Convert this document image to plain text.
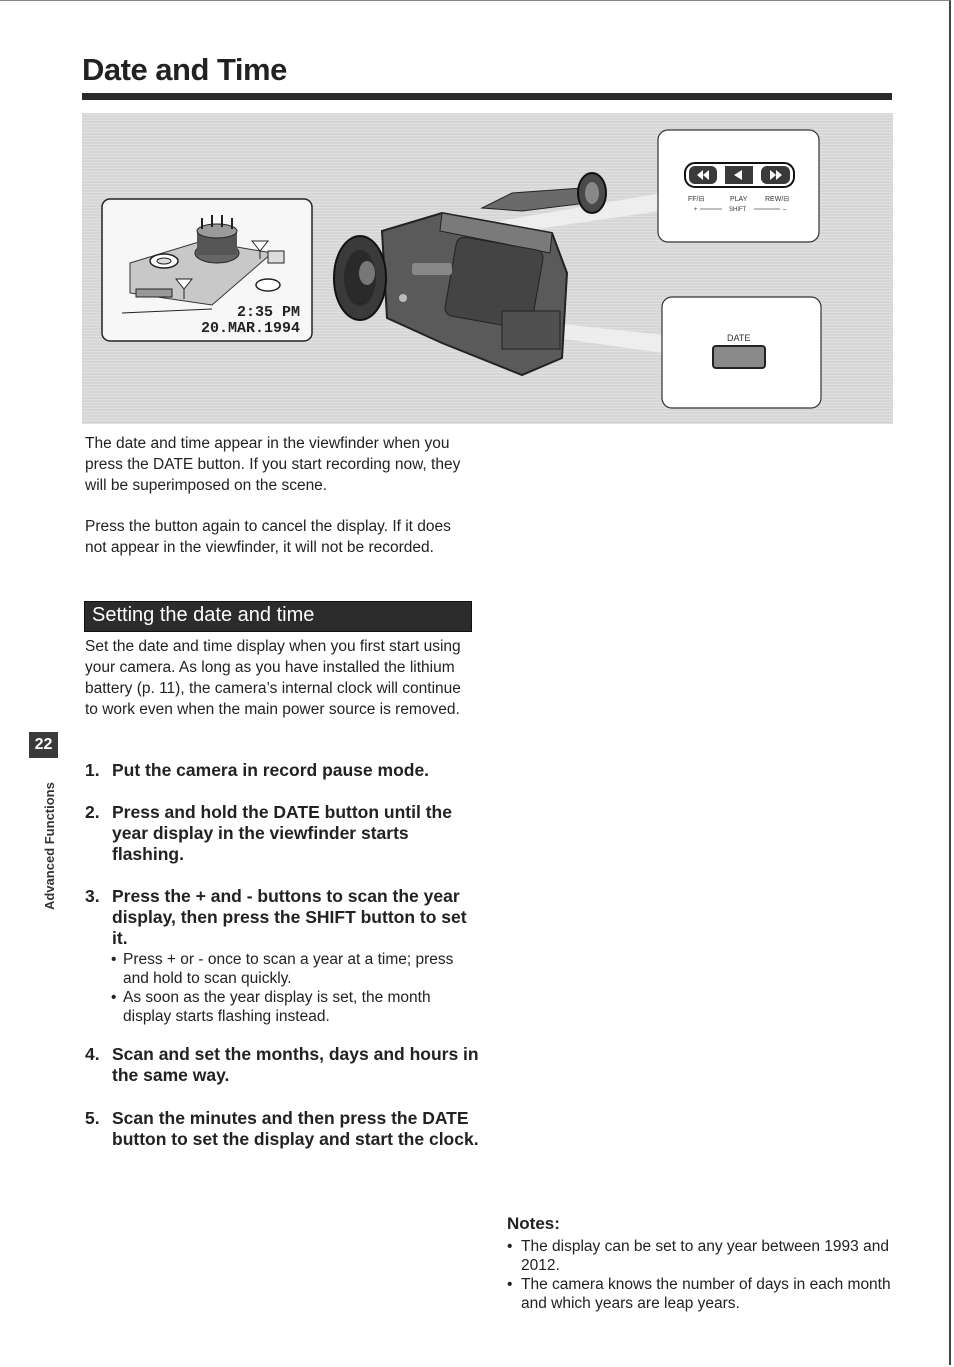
Date and Time
2:35 PM
20.MAR.1994
FF/⊟	PLAY	REW/⊟
+	SHIFT	–
DATE

The date and time appear in the viewfinder when you press the DATE button. If you start recording now, they will be superimposed on the scene.

Press the button again to cancel the display. If it does not appear in the viewfinder, it will not be recorded.

Setting the date and time

Set the date and time display when you first start using your camera. As long as you have installed the lithium battery (p. 11), the camera’s internal clock will continue to work even when the main power source is removed.

22
Advanced Functions
1. Put the camera in record pause mode.
2. Press and hold the DATE button until the year display in the viewfinder starts flashing.
3. Press the + and - buttons to scan the year display, then press the SHIFT button to set it.
• Press + or - once to scan a year at a time; press and hold to scan quickly.
• As soon as the year display is set, the month display starts flashing instead.
4. Scan and set the months, days and hours in the same way.
5. Scan the minutes and then press the DATE button to set the display and start the clock.
Notes:
• The display can be set to any year between 1993 and 2012.
• The camera knows the number of days in each month and which years are leap years.
